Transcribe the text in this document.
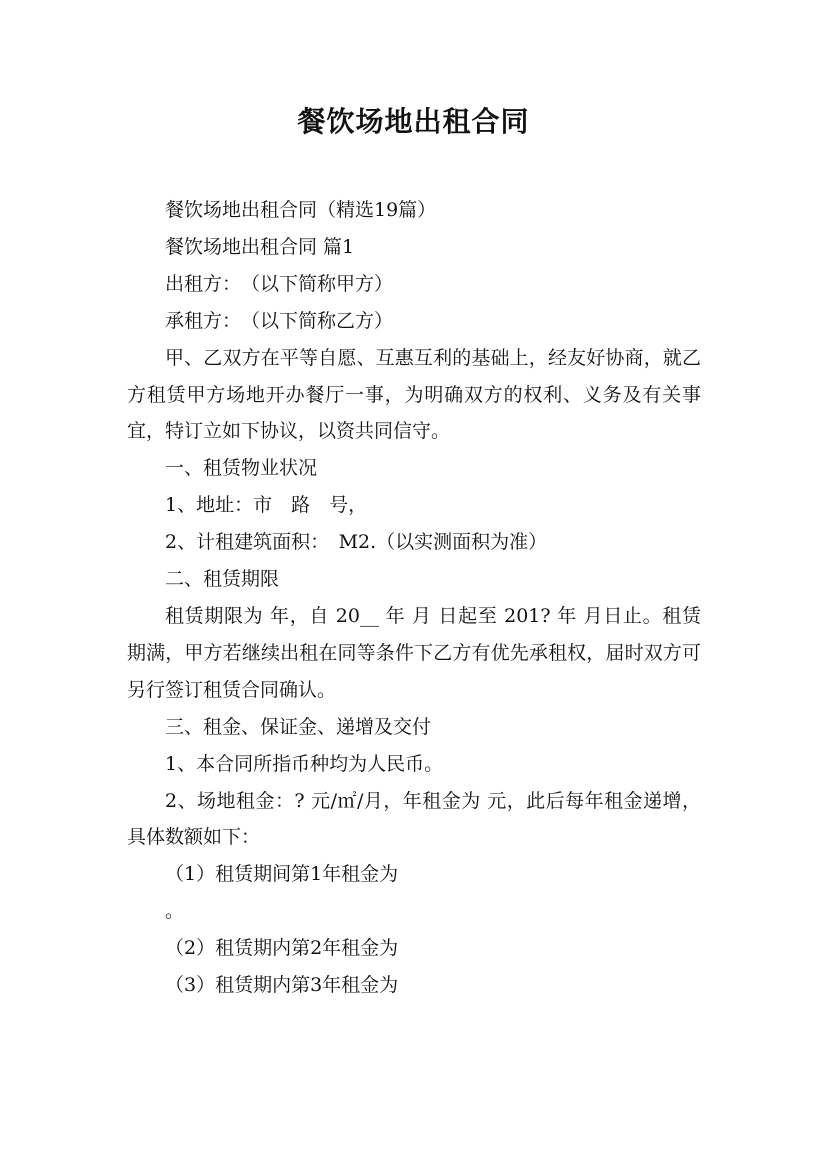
餐饮场地出租合同

餐饮场地出租合同（精选19篇）

餐饮场地出租合同 篇1

出租方：　（以下简称甲方）

承租方：　（以下简称乙方）

甲、乙双方在平等自愿、互惠互利的基础上，经友好协商，就乙方租赁甲方场地开办餐厅一事，为明确双方的权利、义务及有关事宜，特订立如下协议，以资共同信守。

一、租赁物业状况

1、地址：市　路　号，

2、计租建筑面积：　M2.（以实测面积为准）

二、租赁期限

租赁期限为 年，自 20__ 年 月 日起至 201? 年 月日止。租赁期满，甲方若继续出租在同等条件下乙方有优先承租权，届时双方可另行签订租赁合同确认。

三、租金、保证金、递增及交付

1、本合同所指币种均为人民币。

2、场地租金：? 元/㎡/月，年租金为 元，此后每年租金递增，具体数额如下：

（1）租赁期间第1年租金为

。

（2）租赁期内第2年租金为

（3）租赁期内第3年租金为
